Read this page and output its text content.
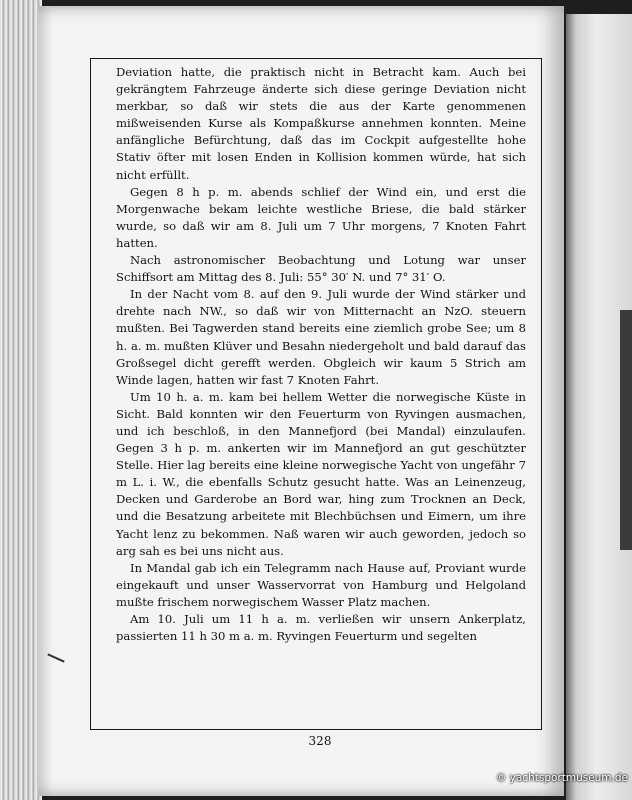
Deviation hatte, die praktisch nicht in Betracht kam. Auch bei gekrängtem Fahrzeuge änderte sich diese geringe Deviation nicht merkbar, so daß wir stets die aus der Karte genommenen mißweisenden Kurse als Kompaßkurse annehmen konnten. Meine anfängliche Befürchtung, daß das im Cockpit aufgestellte hohe Stativ öfter mit losen Enden in Kollision kommen würde, hat sich nicht erfüllt.

Gegen 8 h p. m. abends schlief der Wind ein, und erst die Morgenwache bekam leichte westliche Briese, die bald stärker wurde, so daß wir am 8. Juli um 7 Uhr morgens, 7 Knoten Fahrt hatten.

Nach astronomischer Beobachtung und Lotung war unser Schiffsort am Mittag des 8. Juli: 55° 30′ N. und 7° 31′ O.

In der Nacht vom 8. auf den 9. Juli wurde der Wind stärker und drehte nach NW., so daß wir von Mitternacht an NzO. steuern mußten. Bei Tagwerden stand bereits eine ziemlich grobe See; um 8 h. a. m. mußten Klüver und Besahn niedergeholt und bald darauf das Großsegel dicht gerefft werden. Obgleich wir kaum 5 Strich am Winde lagen, hatten wir fast 7 Knoten Fahrt.

Um 10 h. a. m. kam bei hellem Wetter die norwegische Küste in Sicht. Bald konnten wir den Feuerturm von Ryvingen ausmachen, und ich beschloß, in den Mannefjord (bei Mandal) einzulaufen. Gegen 3 h p. m. ankerten wir im Mannefjord an gut geschützter Stelle. Hier lag bereits eine kleine norwegische Yacht von ungefähr 7 m L. i. W., die ebenfalls Schutz gesucht hatte. Was an Leinenzeug, Decken und Garderobe an Bord war, hing zum Trocknen an Deck, und die Besatzung arbeitete mit Blechbüchsen und Eimern, um ihre Yacht lenz zu bekommen. Naß waren wir auch geworden, jedoch so arg sah es bei uns nicht aus.

In Mandal gab ich ein Telegramm nach Hause auf, Proviant wurde eingekauft und unser Wasservorrat von Hamburg und Helgoland mußte frischem norwegischem Wasser Platz machen.

Am 10. Juli um 11 h a. m. verließen wir unsern Ankerplatz, passierten 11 h 30 m a. m. Ryvingen Feuerturm und segelten

328
© yachtsportmuseum.de
